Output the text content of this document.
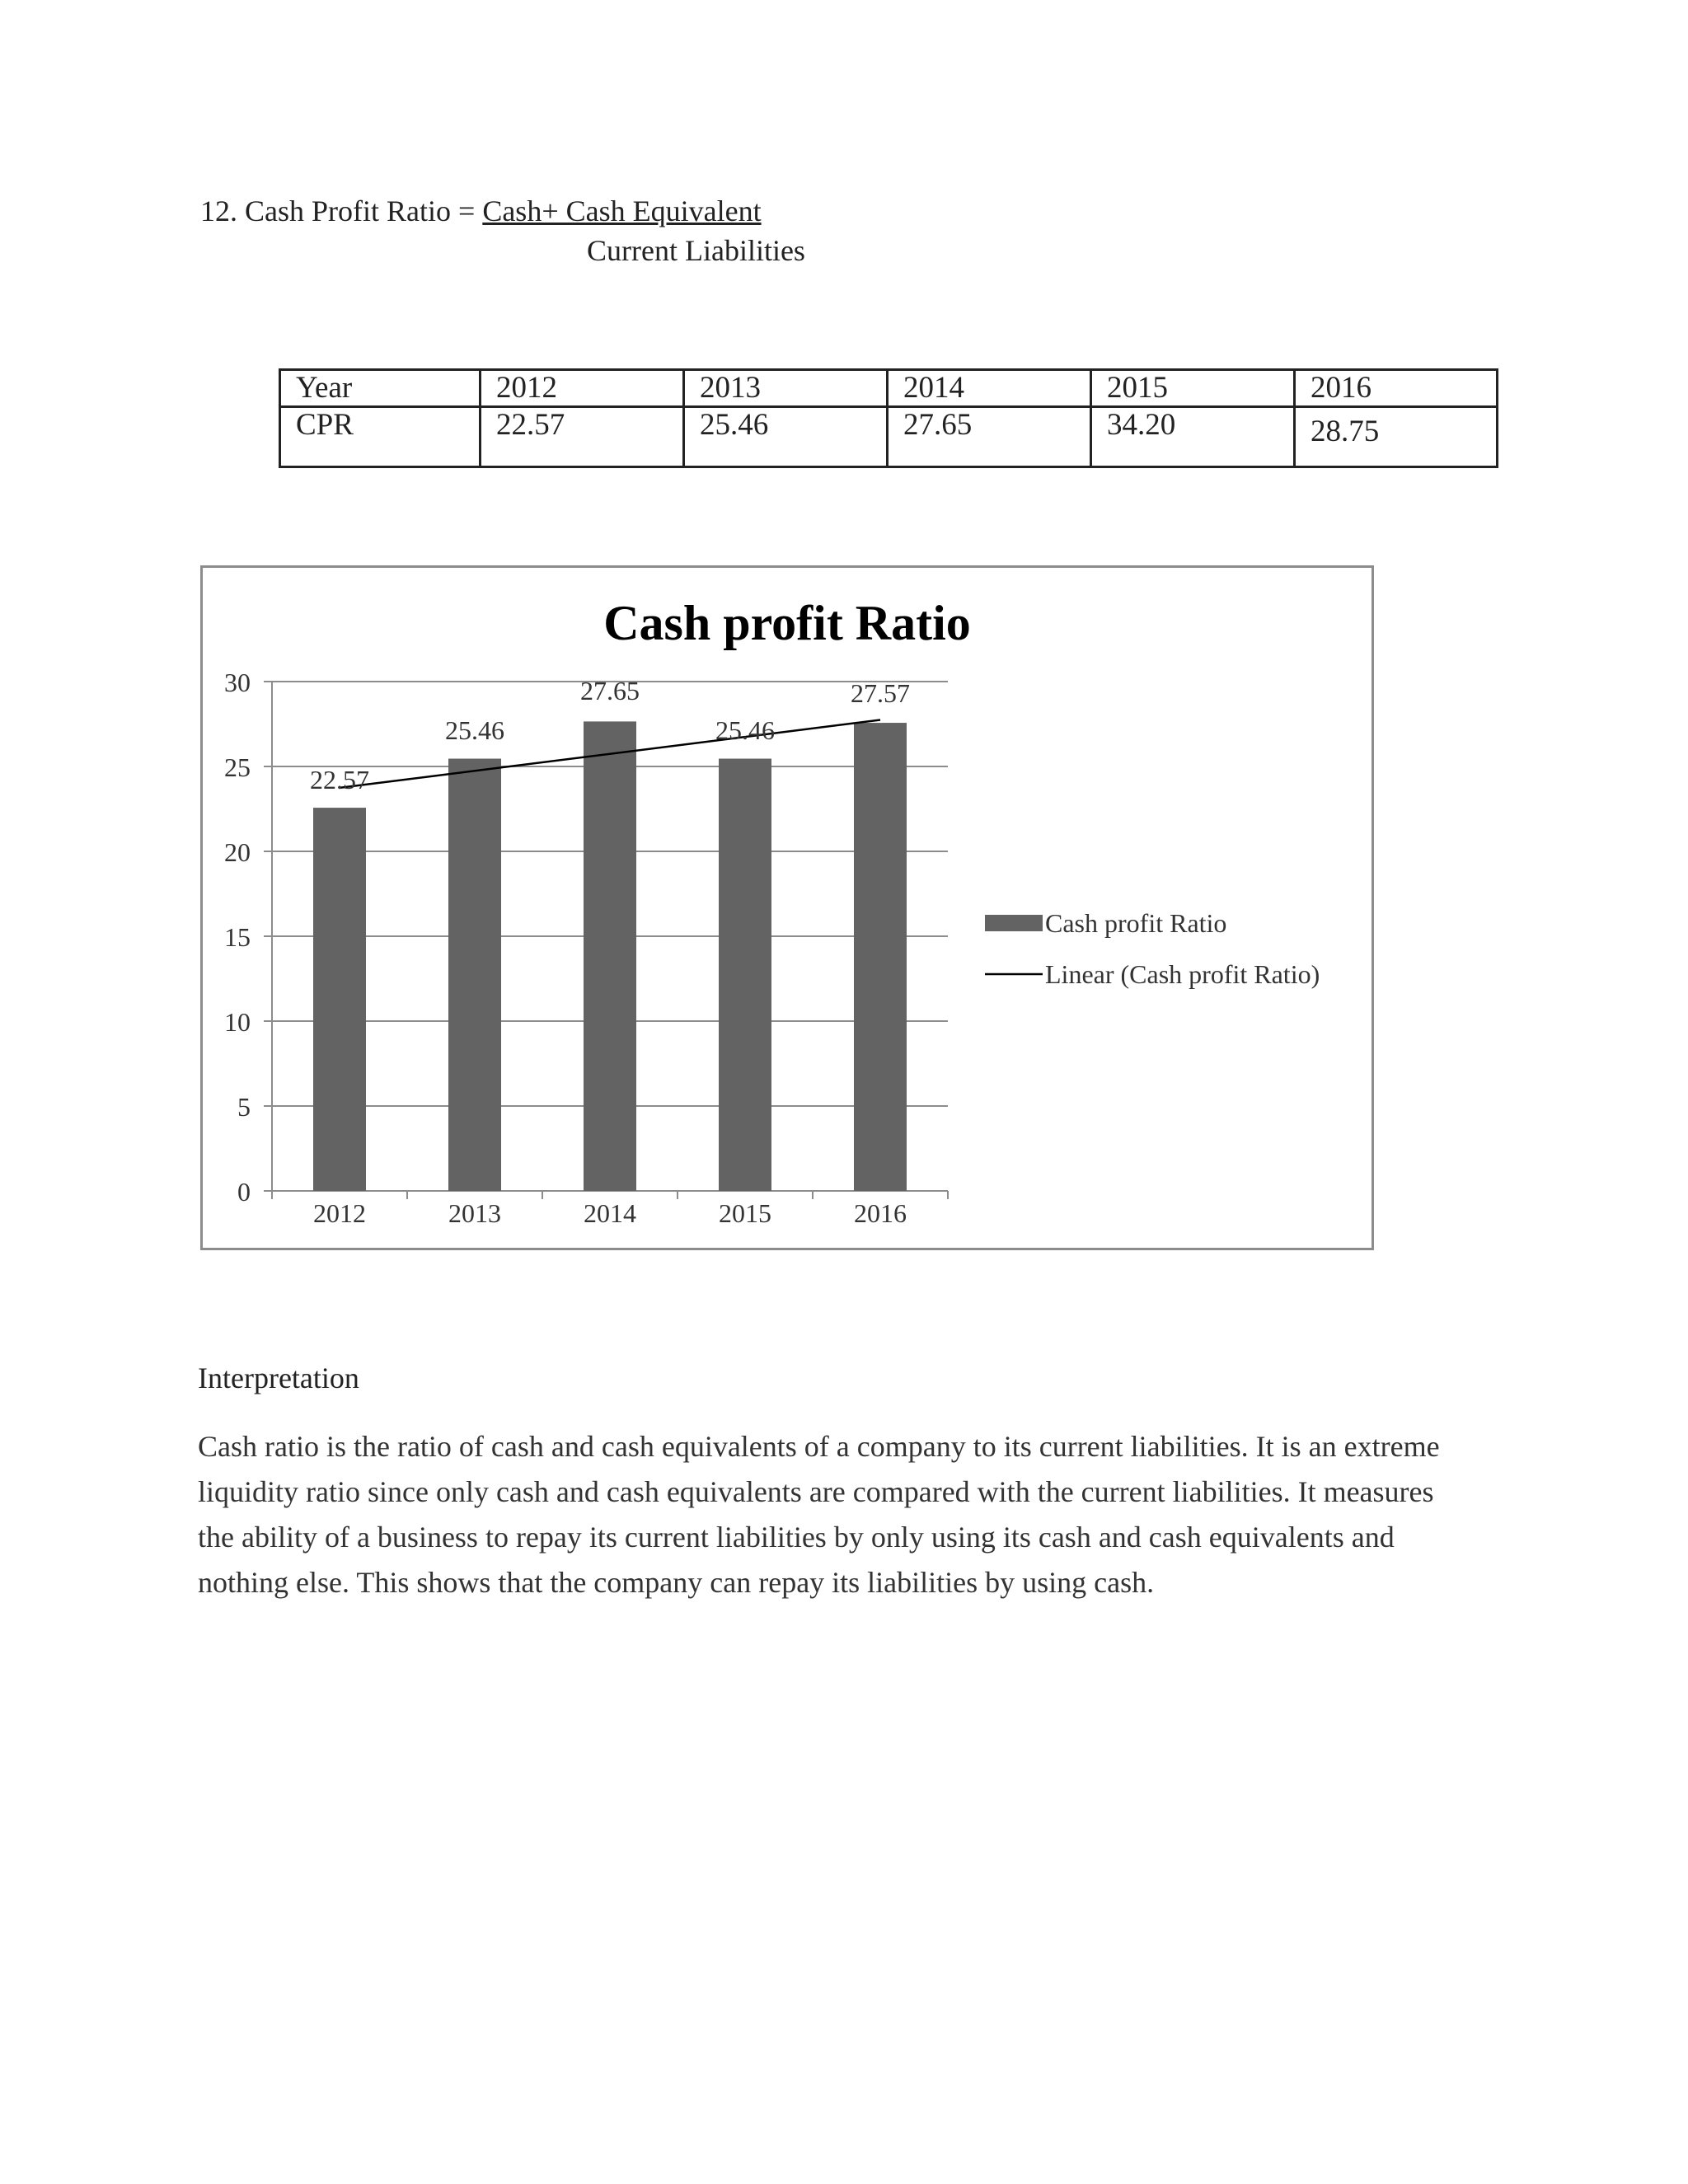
12. Cash Profit Ratio = Cash+ Cash Equivalent
Current Liabilities
Year	2012	2013	2014	2015	2016
CPR	22.57	25.46	27.65	34.20	28.75
Cash profit Ratio
0
5
10
15
20
25
30
2012	2013	2014	2015	2016
22.57
25.46
27.65
25.46
27.57
Cash profit Ratio
Linear (Cash profit Ratio)
Interpretation
Cash ratio is the ratio of cash and cash equivalents of a company to its current liabilities. It is an extreme liquidity ratio since only cash and cash equivalents are compared with the current liabilities. It measures the ability of a business to repay its current liabilities by only using its cash and cash equivalents and nothing else. This shows that the company can repay its liabilities by using cash.
